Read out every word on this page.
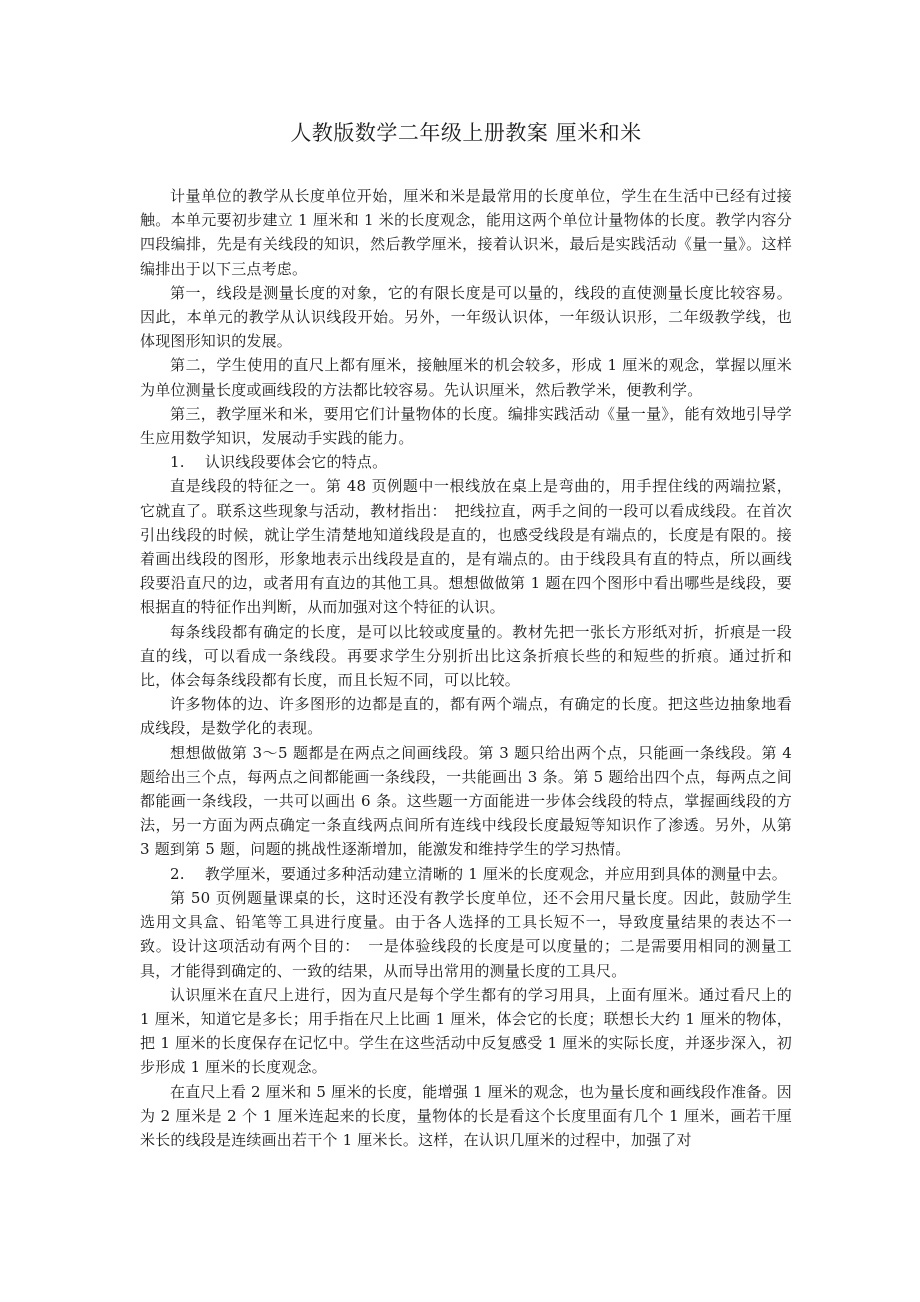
人教版数学二年级上册教案 厘米和米

计量单位的教学从长度单位开始，厘米和米是最常用的长度单位，学生在生活中已经有过接触。本单元要初步建立 1 厘米和 1 米的长度观念，能用这两个单位计量物体的长度。教学内容分四段编排，先是有关线段的知识，然后教学厘米，接着认识米，最后是实践活动《量一量》。这样编排出于以下三点考虑。

第一，线段是测量长度的对象，它的有限长度是可以量的，线段的直使测量长度比较容易。因此，本单元的教学从认识线段开始。另外，一年级认识体，一年级认识形，二年级教学线，也体现图形知识的发展。

第二，学生使用的直尺上都有厘米，接触厘米的机会较多，形成 1 厘米的观念，掌握以厘米为单位测量长度或画线段的方法都比较容易。先认识厘米，然后教学米，便教利学。

第三，教学厘米和米，要用它们计量物体的长度。编排实践活动《量一量》，能有效地引导学生应用数学知识，发展动手实践的能力。

1.　 认识线段要体会它的特点。

直是线段的特征之一。第 48 页例题中一根线放在桌上是弯曲的，用手捏住线的两端拉紧，它就直了。联系这些现象与活动，教材指出：　把线拉直，两手之间的一段可以看成线段。在首次引出线段的时候，就让学生清楚地知道线段是直的，也感受线段是有端点的，长度是有限的。接着画出线段的图形，形象地表示出线段是直的，是有端点的。由于线段具有直的特点，所以画线段要沿直尺的边，或者用有直边的其他工具。想想做做第 1 题在四个图形中看出哪些是线段，要根据直的特征作出判断，从而加强对这个特征的认识。

每条线段都有确定的长度，是可以比较或度量的。教材先把一张长方形纸对折，折痕是一段直的线，可以看成一条线段。再要求学生分别折出比这条折痕长些的和短些的折痕。通过折和比，体会每条线段都有长度，而且长短不同，可以比较。

许多物体的边、许多图形的边都是直的，都有两个端点，有确定的长度。把这些边抽象地看成线段，是数学化的表现。

想想做做第 3～5 题都是在两点之间画线段。第 3 题只给出两个点，只能画一条线段。第 4 题给出三个点，每两点之间都能画一条线段，一共能画出 3 条。第 5 题给出四个点，每两点之间都能画一条线段，一共可以画出 6 条。这些题一方面能进一步体会线段的特点，掌握画线段的方法，另一方面为两点确定一条直线两点间所有连线中线段长度最短等知识作了渗透。另外，从第 3 题到第 5 题，问题的挑战性逐渐增加，能激发和维持学生的学习热情。

2.　 教学厘米，要通过多种活动建立清晰的 1 厘米的长度观念，并应用到具体的测量中去。

第 50 页例题量课桌的长，这时还没有教学长度单位，还不会用尺量长度。因此，鼓励学生选用文具盒、铅笔等工具进行度量。由于各人选择的工具长短不一，导致度量结果的表达不一致。设计这项活动有两个目的：　一是体验线段的长度是可以度量的；二是需要用相同的测量工具，才能得到确定的、一致的结果，从而导出常用的测量长度的工具尺。

认识厘米在直尺上进行，因为直尺是每个学生都有的学习用具，上面有厘米。通过看尺上的 1 厘米，知道它是多长；用手指在尺上比画 1 厘米，体会它的长度；联想长大约 1 厘米的物体，把 1 厘米的长度保存在记忆中。学生在这些活动中反复感受 1 厘米的实际长度，并逐步深入，初步形成 1 厘米的长度观念。

在直尺上看 2 厘米和 5 厘米的长度，能增强 1 厘米的观念，也为量长度和画线段作准备。因为 2 厘米是 2 个 1 厘米连起来的长度，量物体的长是看这个长度里面有几个 1 厘米，画若干厘米长的线段是连续画出若干个 1 厘米长。这样，在认识几厘米的过程中，加强了对
